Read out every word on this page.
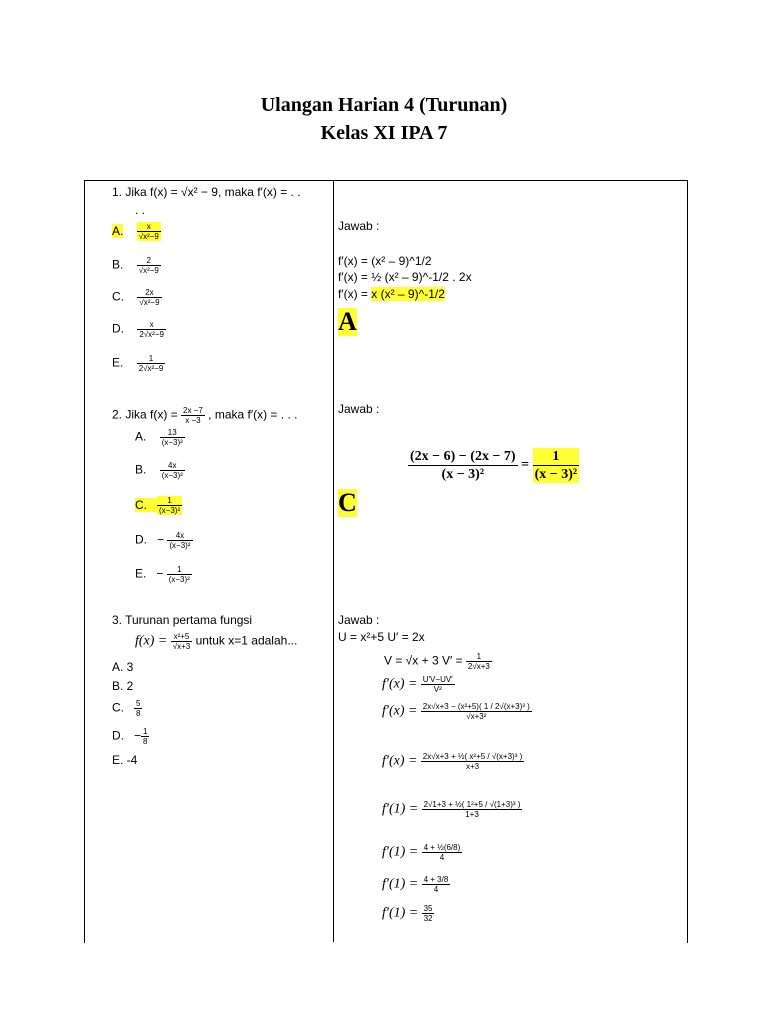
Ulangan Harian 4 (Turunan)
Kelas XI IPA 7
1. Jika f(x) = √x² − 9, maka f′(x) = . .
. .
A. $\frac{x}{\text{√x²−9}}$
B. $\frac{2}{\text{√x²−9}}$
C. $\frac{2x}{\text{√x²−9}}$
D. $\frac{x}{\text{2√x²−9}}$
E. $\frac{1}{\text{2√x²−9}}$
Jawab :
f′(x) = (x² – 9)^1/2
f′(x) = ½ (x² – 9)^-1/2 . 2x
f′(x) = x (x² – 9)^-1/2
A
2. Jika $f(x) = \frac{2x -7}{x -3}$ , maka f′(x) = . . .
A. $\frac{13}{\text{(x−3)²}}$
B. $\frac{4x}{\text{(x−3)²}}$
C. $\frac{1}{\text{(x−3)²}}$
D. − $\frac{4x}{\text{(x−3)²}}$
E. − $\frac{1}{\text{(x−3)²}}$
Jawab :
$\frac{(2x - 6) - (2x - 7)}{\text{(x − 3)²}} = \frac{1}{\text{(x − 3)²}}$
C
3. Turunan pertama fungsi
$f(x) = \frac{\text{x²+5}}{√x+3}$ untuk x=1 adalah...
A. 3
B. 2
C. $\frac{5}{8}$
D. − $\frac{1}{8}$
E. -4
Jawab :
U = x²+5 U′ = 2x
V = √x + 3 $V' = \frac{1}{2√x+3}$
$f'(x) = \frac{U'V-UV'}{\text{V²}}$
$f'(x) = \frac{\text{2x√x+3 − (x²+5)( 1 / 2√(x+3)³ )}}{\text{√x+3²}}$
$f'(x) = \frac{\text{2x√x+3 + ½( x²+5 / √(x+3)³ )}}{x+3}$
$f'(1) = \frac{\text{2√1+3 + ½( 1²+5 / √(1+3)³ )}}{1+3}$
$f'(1) = \frac{\text{4 + ½(6/8)}}{4}$
$f'(1) = \frac{4 + 3/8}{4}$
$f'(1) = \frac{35}{32}$
